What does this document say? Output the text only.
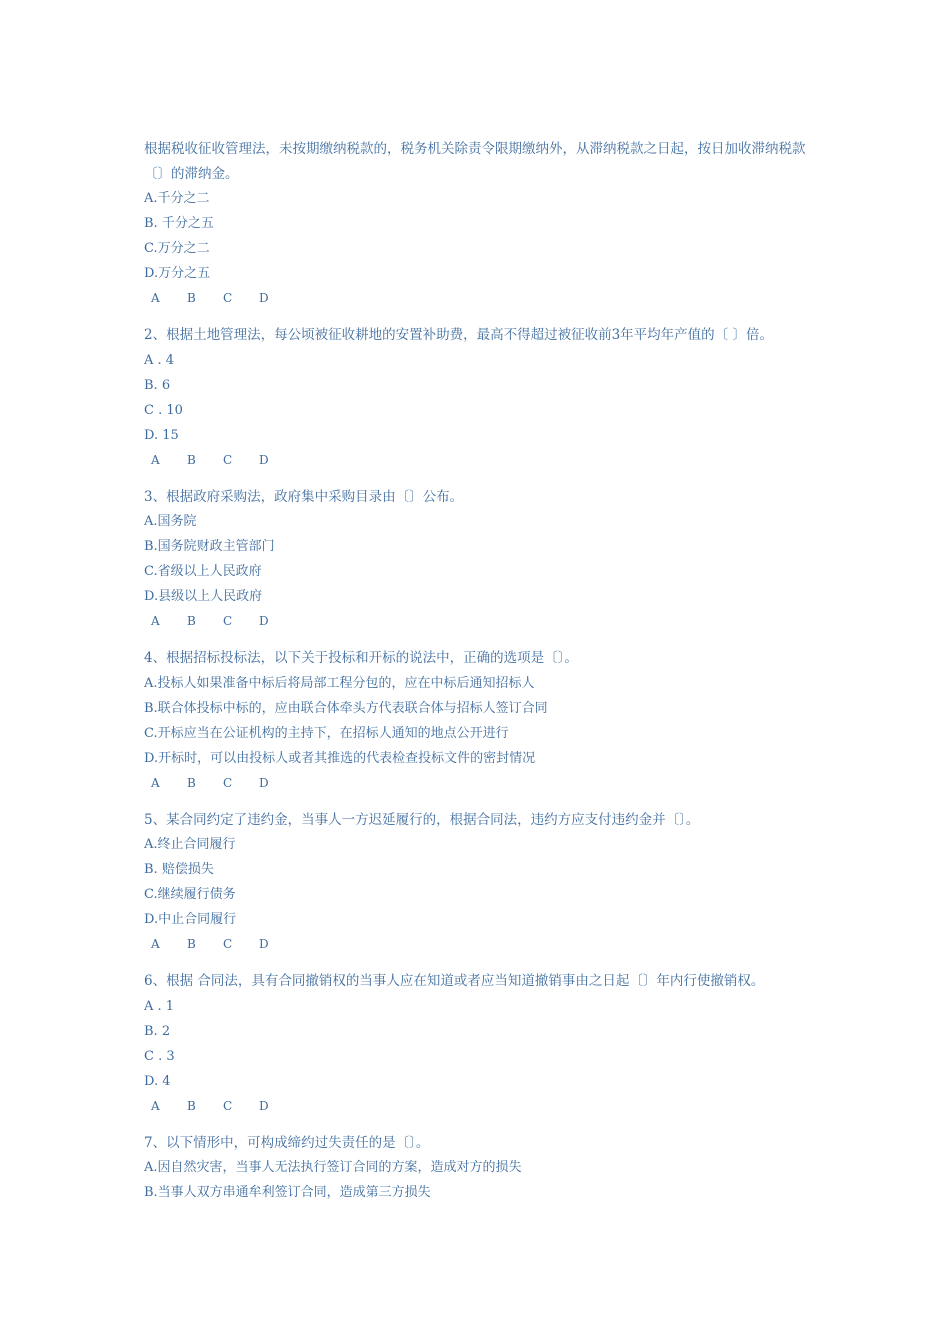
根据税收征收管理法，未按期缴纳税款的，税务机关除责令限期缴纳外，从滞纳税款之日起，按日加收滞纳税款〔〕的滞纳金。

A.千分之二
B. 千分之五
C.万分之二
D.万分之五
A B C D

2、根据土地管理法，每公顷被征收耕地的安置补助费，最高不得超过被征收前3年平均年产值的〔 〕倍。

A . 4
B. 6
C . 10
D. 15
A B C D

3、根据政府采购法，政府集中采购目录由〔〕公布。

A.国务院
B.国务院财政主管部门
C.省级以上人民政府
D.县级以上人民政府
A B C D

4、根据招标投标法，以下关于投标和开标的说法中，正确的选项是〔〕。

A.投标人如果准备中标后将局部工程分包的，应在中标后通知招标人
B.联合体投标中标的，应由联合体牵头方代表联合体与招标人签订合同
C.开标应当在公证机构的主持下，在招标人通知的地点公开进行
D.开标时，可以由投标人或者其推选的代表检查投标文件的密封情况
A B C D

5、某合同约定了违约金，当事人一方迟延履行的，根据合同法，违约方应支付违约金并〔〕。

A.终止合同履行
B. 赔偿损失
C.继续履行债务
D.中止合同履行
A B C D

6、根据 合同法，具有合同撤销权的当事人应在知道或者应当知道撤销事由之日起〔〕年内行使撤销权。

A . 1
B. 2
C . 3
D. 4
A B C D

7、以下情形中，可构成缔约过失责任的是〔〕。

A.因自然灾害，当事人无法执行签订合同的方案，造成对方的损失
B.当事人双方串通牟利签订合同，造成第三方损失
